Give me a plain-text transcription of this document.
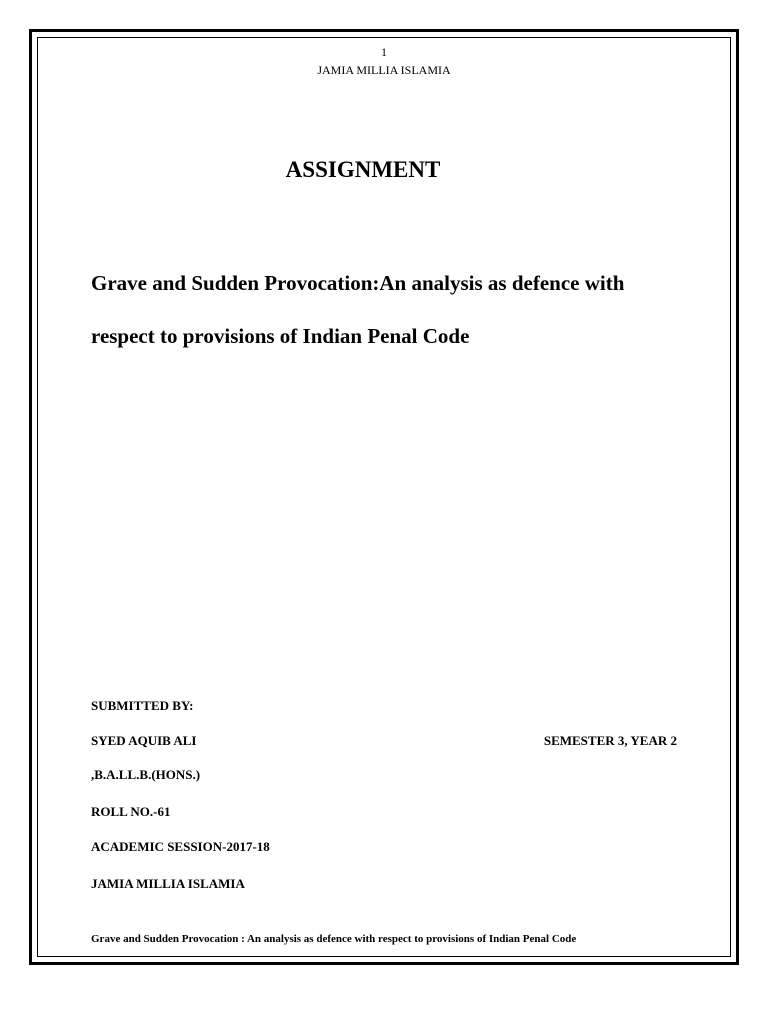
1
JAMIA MILLIA ISLAMIA
ASSIGNMENT
Grave and Sudden Provocation:An analysis as defence with
respect to provisions of Indian Penal Code
SUBMITTED BY:
SYED AQUIB ALI	SEMESTER 3, YEAR 2
,B.A.LL.B.(HONS.)
ROLL NO.-61
ACADEMIC SESSION-2017-18
JAMIA MILLIA ISLAMIA
Grave and Sudden Provocation : An analysis as defence with respect to provisions of Indian Penal Code
